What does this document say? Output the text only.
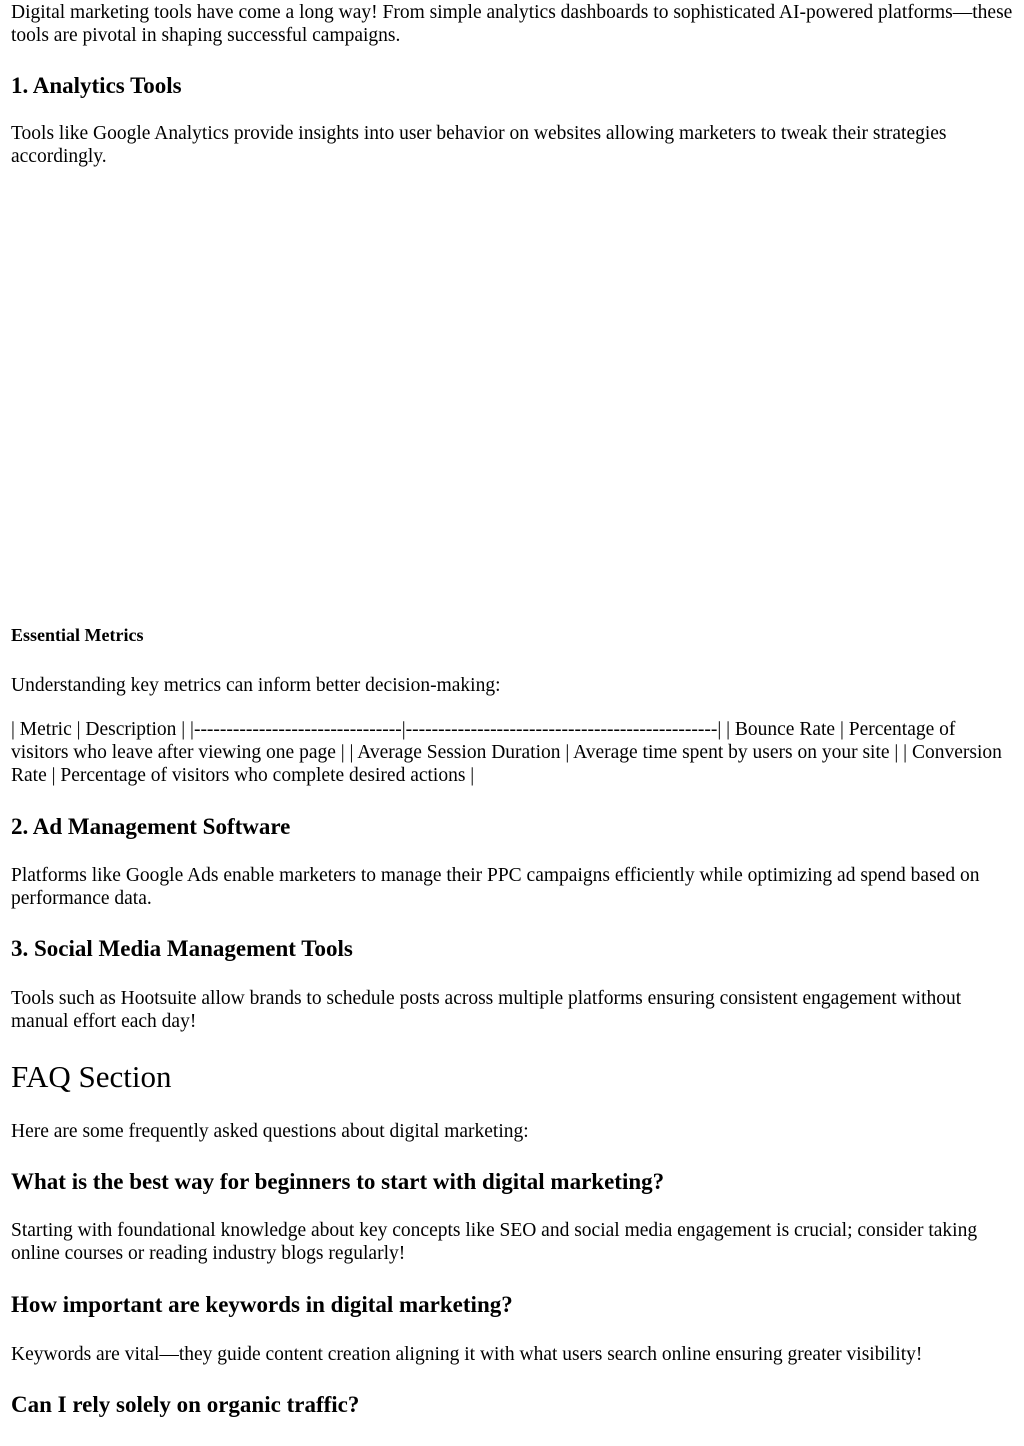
Digital marketing tools have come a long way! From simple analytics dashboards to sophisticated AI-powered platforms—these tools are pivotal in shaping successful campaigns.

1. Analytics Tools

Tools like Google Analytics provide insights into user behavior on websites allowing marketers to tweak their strategies accordingly.

Essential Metrics

Understanding key metrics can inform better decision-making:

| Metric | Description | |--------------------------------|------------------------------------------------| | Bounce Rate | Percentage of visitors who leave after viewing one page | | Average Session Duration | Average time spent by users on your site | | Conversion Rate | Percentage of visitors who complete desired actions |

2. Ad Management Software

Platforms like Google Ads enable marketers to manage their PPC campaigns efficiently while optimizing ad spend based on performance data.

3. Social Media Management Tools

Tools such as Hootsuite allow brands to schedule posts across multiple platforms ensuring consistent engagement without manual effort each day!

FAQ Section

Here are some frequently asked questions about digital marketing:

What is the best way for beginners to start with digital marketing?

Starting with foundational knowledge about key concepts like SEO and social media engagement is crucial; consider taking online courses or reading industry blogs regularly!

How important are keywords in digital marketing?

Keywords are vital—they guide content creation aligning it with what users search online ensuring greater visibility!

Can I rely solely on organic traffic?
